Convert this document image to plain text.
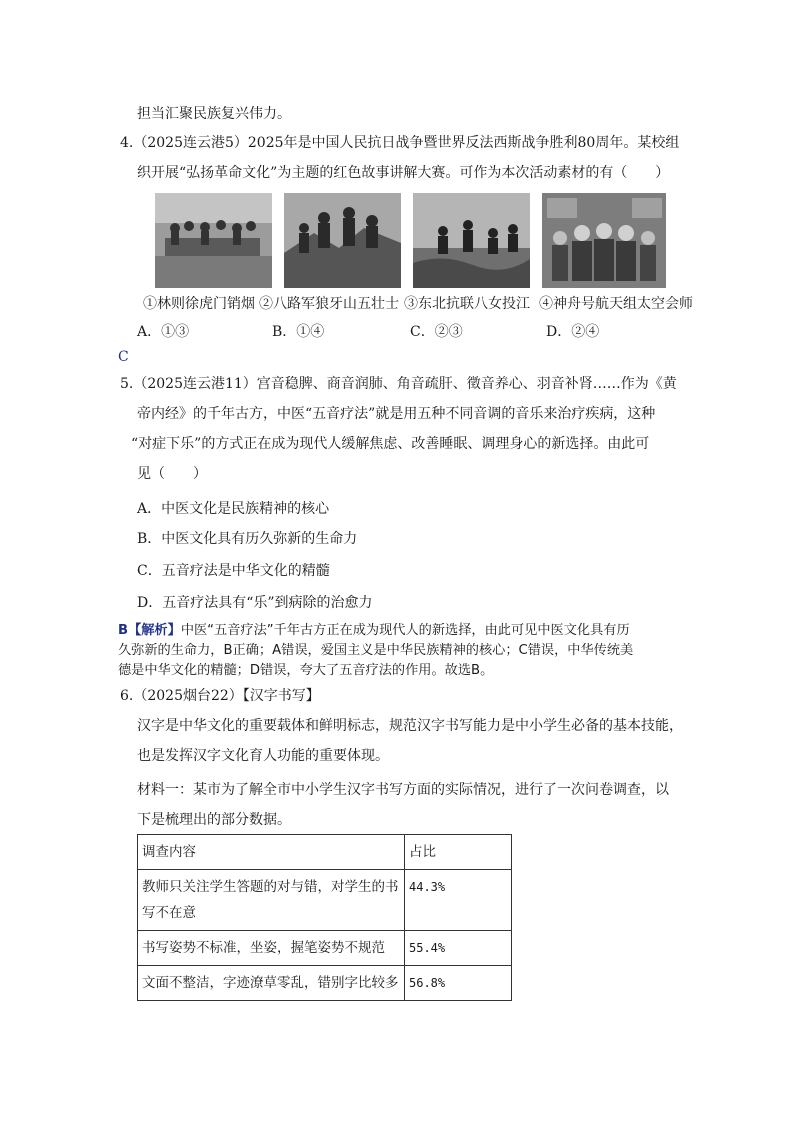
担当汇聚民族复兴伟力。
4.（2025连云港5）2025年是中国人民抗日战争暨世界反法西斯战争胜利80周年。某校组
织开展“弘扬革命文化”为主题的红色故事讲解大赛。可作为本次活动素材的有（　　）
①林则徐虎门销烟 ②八路军狼牙山五壮士 ③东北抗联八女投江 ④神舟号航天组太空会师
A．①③	B．①④	C．②③	D．②④
C
5.（2025连云港11）宫音稳脾、商音润肺、角音疏肝、徵音养心、羽音补肾……作为《黄
帝内经》的千年古方，中医“五音疗法”就是用五种不同音调的音乐来治疗疾病，这种
“对症下乐”的方式正在成为现代人缓解焦虑、改善睡眠、调理身心的新选择。由此可
见（　　）
A．中医文化是民族精神的核心
B．中医文化具有历久弥新的生命力
C．五音疗法是中华文化的精髓
D．五音疗法具有“乐”到病除的治愈力
B【解析】中医“五音疗法”千年古方正在成为现代人的新选择，由此可见中医文化具有历
久弥新的生命力，B正确；A错误，爱国主义是中华民族精神的核心；C错误，中华传统美
德是中华文化的精髓；D错误，夸大了五音疗法的作用。故选B。
6.（2025烟台22）【汉字书写】
汉字是中华文化的重要载体和鲜明标志，规范汉字书写能力是中小学生必备的基本技能，
也是发挥汉字文化育人功能的重要体现。
材料一：某市为了解全市中小学生汉字书写方面的实际情况，进行了一次问卷调查，以
下是梳理出的部分数据。
调查内容	占比

教师只关注学生答题的对与错，对学生的书
写不在意	44.3%
书写姿势不标准，坐姿，握笔姿势不规范	55.4%
文面不整洁，字迹潦草零乱，错别字比较多	56.8%
